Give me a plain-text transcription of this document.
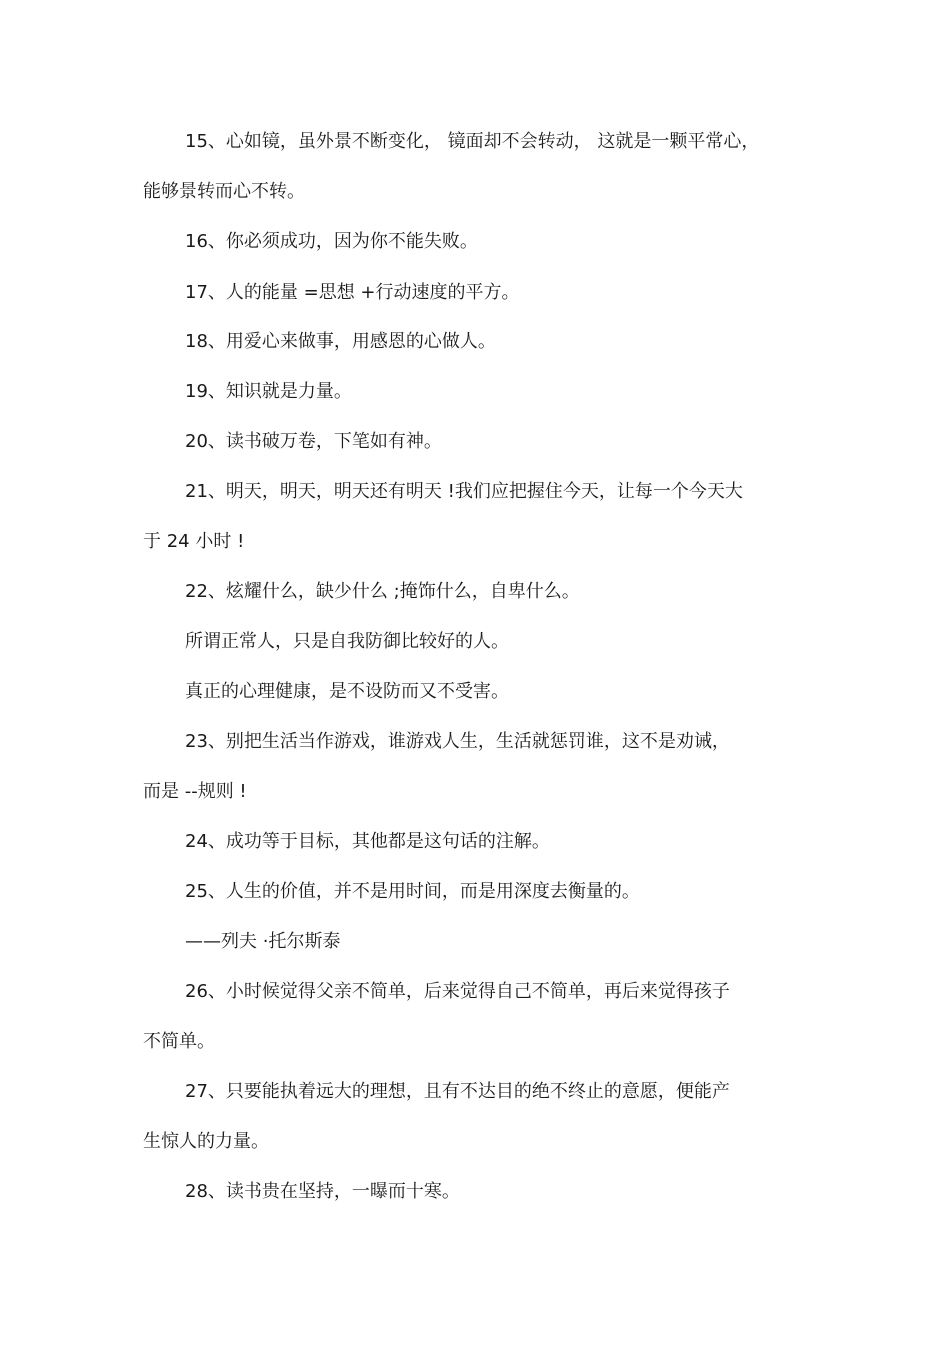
15、心如镜，虽外景不断变化， 镜面却不会转动， 这就是一颗平常心，

能够景转而心不转。

16、你必须成功，因为你不能失败。

17、人的能量 =思想 +行动速度的平方。

18、用爱心来做事，用感恩的心做人。

19、知识就是力量。

20、读书破万卷，下笔如有神。

21、明天，明天，明天还有明天 !我们应把握住今天，让每一个今天大

于 24 小时 !

22、炫耀什么，缺少什么 ;掩饰什么，自卑什么。

所谓正常人，只是自我防御比较好的人。

真正的心理健康，是不设防而又不受害。

23、别把生活当作游戏，谁游戏人生，生活就惩罚谁，这不是劝诫，

而是 --规则 !

24、成功等于目标，其他都是这句话的注解。

25、人生的价值，并不是用时间，而是用深度去衡量的。

——列夫 ·托尔斯泰

26、小时候觉得父亲不简单，后来觉得自己不简单，再后来觉得孩子

不简单。

27、只要能执着远大的理想，且有不达目的绝不终止的意愿，便能产

生惊人的力量。

28、读书贵在坚持，一曝而十寒。
